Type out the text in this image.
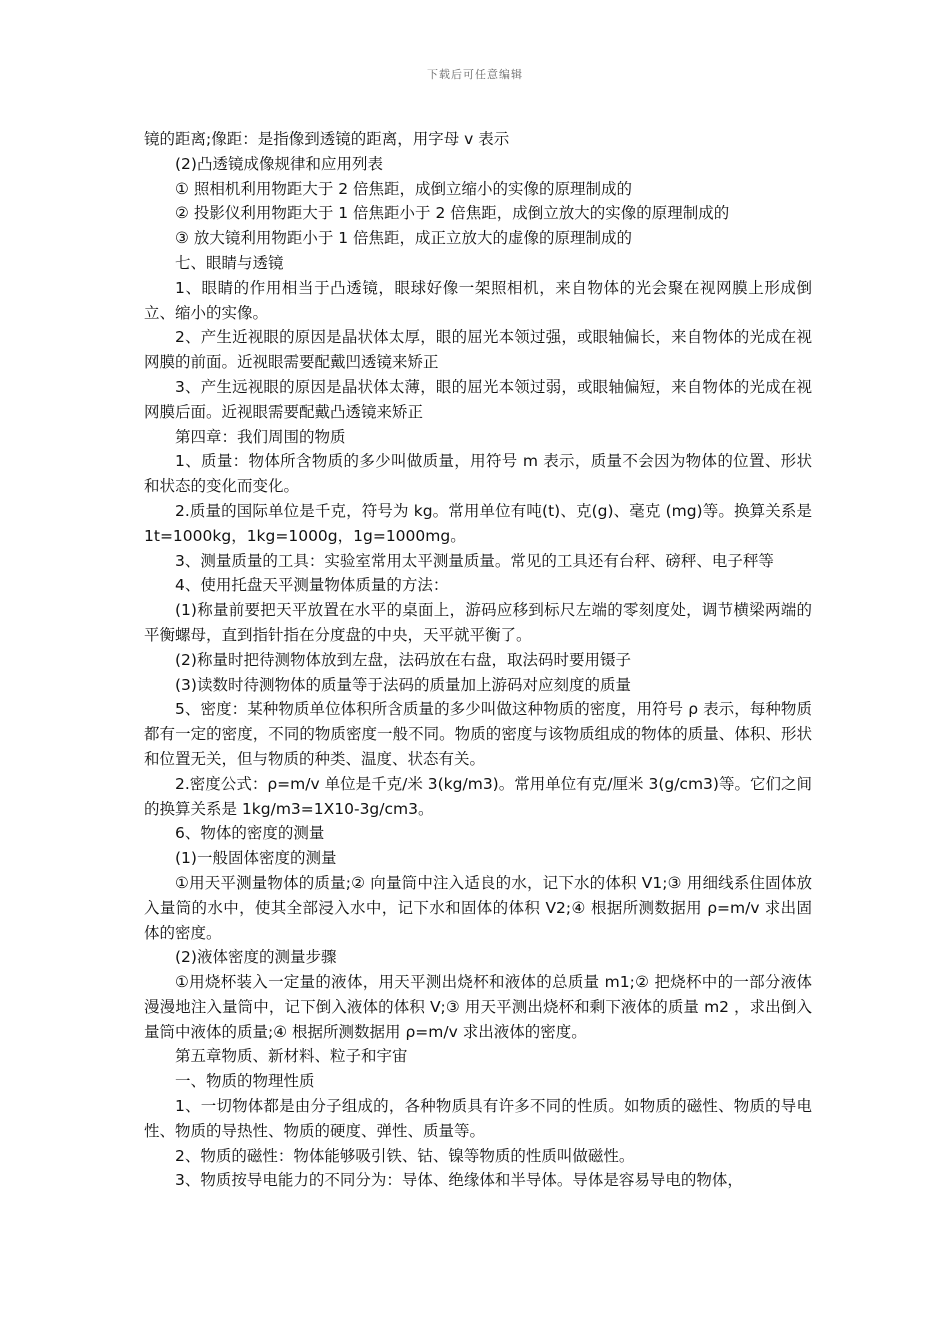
下载后可任意编辑

镜的距离;像距：是指像到透镜的距离，用字母 v 表示

(2)凸透镜成像规律和应用列表

① 照相机利用物距大于 2 倍焦距，成倒立缩小的实像的原理制成的

② 投影仪利用物距大于 1 倍焦距小于 2 倍焦距，成倒立放大的实像的原理制成的

③ 放大镜利用物距小于 1 倍焦距，成正立放大的虚像的原理制成的

七、眼睛与透镜

1、眼睛的作用相当于凸透镜，眼球好像一架照相机，来自物体的光会聚在视网膜上形成倒立、缩小的实像。

2、产生近视眼的原因是晶状体太厚，眼的屈光本领过强，或眼轴偏长，来自物体的光成在视网膜的前面。近视眼需要配戴凹透镜来矫正

3、产生远视眼的原因是晶状体太薄，眼的屈光本领过弱，或眼轴偏短，来自物体的光成在视网膜后面。近视眼需要配戴凸透镜来矫正

第四章：我们周围的物质

1、质量：物体所含物质的多少叫做质量，用符号 m 表示，质量不会因为物体的位置、形状和状态的变化而变化。

2.质量的国际单位是千克，符号为 kg。常用单位有吨(t)、克(g)、毫克 (mg)等。换算关系是 1t=1000kg，1kg=1000g，1g=1000mg。

3、测量质量的工具：实验室常用太平测量质量。常见的工具还有台秤、磅秤、电子秤等

4、使用托盘天平测量物体质量的方法：

(1)称量前要把天平放置在水平的桌面上，游码应移到标尺左端的零刻度处，调节横梁两端的平衡螺母，直到指针指在分度盘的中央，天平就平衡了。

(2)称量时把待测物体放到左盘，法码放在右盘，取法码时要用镊子

(3)读数时待测物体的质量等于法码的质量加上游码对应刻度的质量

5、密度：某种物质单位体积所含质量的多少叫做这种物质的密度，用符号 ρ 表示，每种物质都有一定的密度，不同的物质密度一般不同。物质的密度与该物质组成的物体的质量、体积、形状和位置无关，但与物质的种类、温度、状态有关。

2.密度公式：ρ=m/v 单位是千克/米 3(kg/m3)。常用单位有克/厘米 3(g/cm3)等。它们之间的换算关系是 1kg/m3=1X10-3g/cm3。

6、物体的密度的测量

(1)一般固体密度的测量

①用天平测量物体的质量;② 向量筒中注入适良的水，记下水的体积 V1;③ 用细线系住固体放入量筒的水中，使其全部浸入水中，记下水和固体的体积 V2;④ 根据所测数据用 ρ=m/v 求出固体的密度。

(2)液体密度的测量步骤

①用烧杯装入一定量的液体，用天平测出烧杯和液体的总质量 m1;② 把烧杯中的一部分液体漫漫地注入量筒中，记下倒入液体的体积 V;③ 用天平测出烧杯和剩下液体的质量 m2 ，求出倒入量筒中液体的质量;④ 根据所测数据用 ρ=m/v 求出液体的密度。

第五章物质、新材料、粒子和宇宙

一、物质的物理性质

1、一切物体都是由分子组成的，各种物质具有许多不同的性质。如物质的磁性、物质的导电性、物质的导热性、物质的硬度、弹性、质量等。

2、物质的磁性：物体能够吸引铁、钴、镍等物质的性质叫做磁性。

3、物质按导电能力的不同分为：导体、绝缘体和半导体。导体是容易导电的物体，
